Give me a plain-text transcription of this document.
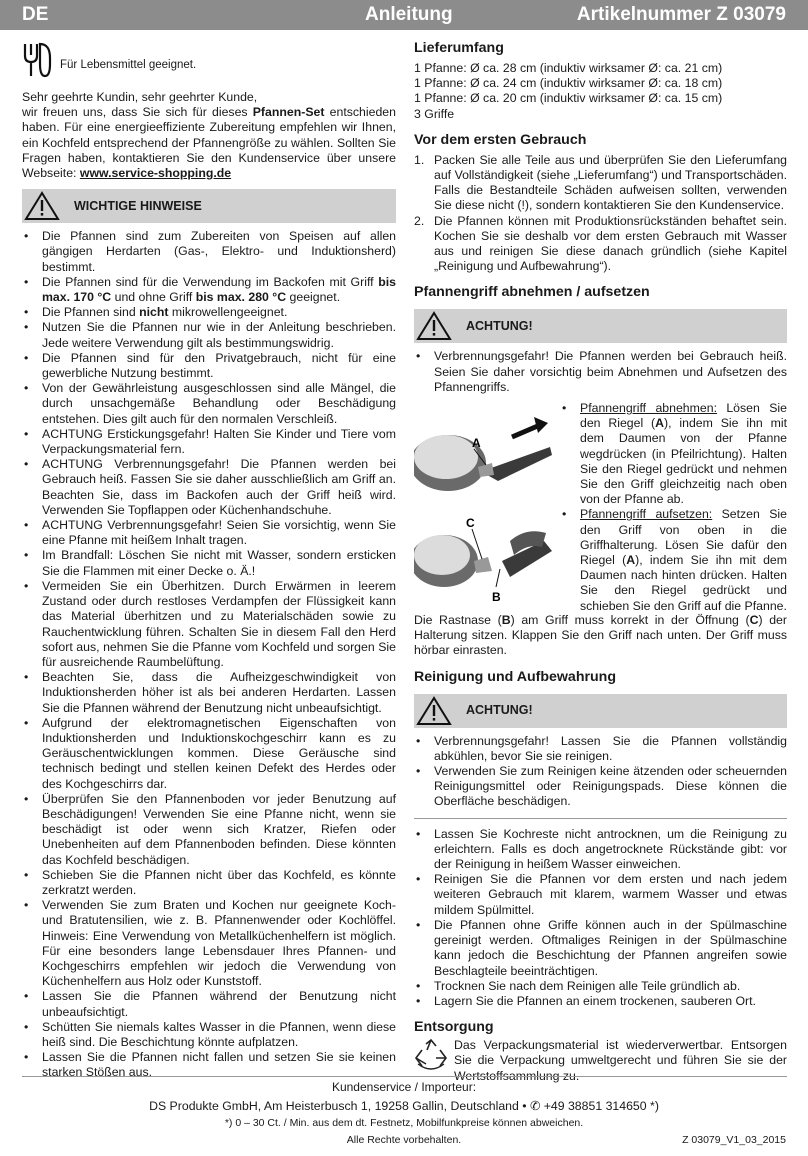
DE	Anleitung	Artikelnummer Z 03079
Für Lebensmittel geeignet.

Sehr geehrte Kundin, sehr geehrter Kunde,

wir freuen uns, dass Sie sich für dieses Pfannen-Set entschieden haben. Für eine energieeffiziente Zubereitung empfehlen wir Ihnen, ein Kochfeld entsprechend der Pfannengröße zu wählen. Sollten Sie Fragen haben, kontaktieren Sie den Kundenservice über unsere Webseite: www.service-shopping.de

WICHTIGE HINWEISE
• Die Pfannen sind zum Zubereiten von Speisen auf allen gängigen Herdarten (Gas-, Elektro- und Induktionsherd) bestimmt.
• Die Pfannen sind für die Verwendung im Backofen mit Griff bis max. 170 °C und ohne Griff bis max. 280 °C geeignet.
• Die Pfannen sind nicht mikrowellengeeignet.
• Nutzen Sie die Pfannen nur wie in der Anleitung beschrieben. Jede weitere Verwendung gilt als bestimmungswidrig.
• Die Pfannen sind für den Privatgebrauch, nicht für eine gewerbliche Nutzung bestimmt.
• Von der Gewährleistung ausgeschlossen sind alle Mängel, die durch unsachgemäße Behandlung oder Beschädigung entstehen. Dies gilt auch für den normalen Verschleiß.
• ACHTUNG Erstickungsgefahr! Halten Sie Kinder und Tiere vom Verpackungsmaterial fern.
• ACHTUNG Verbrennungsgefahr! Die Pfannen werden bei Gebrauch heiß. Fassen Sie sie daher ausschließlich am Griff an. Beachten Sie, dass im Backofen auch der Griff heiß wird. Verwenden Sie Topflappen oder Küchenhandschuhe.
• ACHTUNG Verbrennungsgefahr! Seien Sie vorsichtig, wenn Sie eine Pfanne mit heißem Inhalt tragen.
• Im Brandfall: Löschen Sie nicht mit Wasser, sondern ersticken Sie die Flammen mit einer Decke o. Ä.!
• Vermeiden Sie ein Überhitzen. Durch Erwärmen in leerem Zustand oder durch restloses Verdampfen der Flüssigkeit kann das Material überhitzen und zu Materialschäden sowie zu Rauchentwicklung führen. Schalten Sie in diesem Fall den Herd sofort aus, nehmen Sie die Pfanne vom Kochfeld und sorgen Sie für ausreichende Raumbelüftung.
• Beachten Sie, dass die Aufheizgeschwindigkeit von Induktionsherden höher ist als bei anderen Herdarten. Lassen Sie die Pfannen während der Benutzung nicht unbeaufsichtigt.
• Aufgrund der elektromagnetischen Eigenschaften von Induktionsherden und Induktionskochgeschirr kann es zu Geräuschentwicklungen kommen. Diese Geräusche sind technisch bedingt und stellen keinen Defekt des Herdes oder des Kochgeschirrs dar.
• Überprüfen Sie den Pfannenboden vor jeder Benutzung auf Beschädigungen! Verwenden Sie eine Pfanne nicht, wenn sie beschädigt ist oder wenn sich Kratzer, Riefen oder Unebenheiten auf dem Pfannenboden befinden. Diese könnten das Kochfeld beschädigen.
• Schieben Sie die Pfannen nicht über das Kochfeld, es könnte zerkratzt werden.
• Verwenden Sie zum Braten und Kochen nur geeignete Koch- und Bratutensilien, wie z. B. Pfannenwender oder Kochlöffel. Hinweis: Eine Verwendung von Metallküchenhelfern ist möglich. Für eine besonders lange Lebensdauer Ihres Pfannen- und Kochgeschirrs empfehlen wir jedoch die Verwendung von Küchenhelfern aus Holz oder Kunststoff.
• Lassen Sie die Pfannen während der Benutzung nicht unbeaufsichtigt.
• Schütten Sie niemals kaltes Wasser in die Pfannen, wenn diese heiß sind. Die Beschichtung könnte aufplatzen.
• Lassen Sie die Pfannen nicht fallen und setzen Sie sie keinen starken Stößen aus.
Lieferumfang

1 Pfanne: Ø ca. 28 cm (induktiv wirksamer Ø: ca. 21 cm)

1 Pfanne: Ø ca. 24 cm (induktiv wirksamer Ø: ca. 18 cm)

1 Pfanne: Ø ca. 20 cm (induktiv wirksamer Ø: ca. 15 cm)

3 Griffe

Vor dem ersten Gebrauch
1. Packen Sie alle Teile aus und überprüfen Sie den Lieferumfang auf Vollständigkeit (siehe „Lieferumfang“) und Transportschäden. Falls die Bestandteile Schäden aufweisen sollten, verwenden Sie diese nicht (!), sondern kontaktieren Sie den Kundenservice.
2. Die Pfannen können mit Produktionsrückständen behaftet sein. Kochen Sie sie deshalb vor dem ersten Gebrauch mit Wasser aus und reinigen Sie diese danach gründlich (siehe Kapitel „Reinigung und Aufbewahrung“).
Pfannengriff abnehmen / aufsetzen
ACHTUNG!
• Verbrennungsgefahr! Die Pfannen werden bei Gebrauch heiß. Seien Sie daher vorsichtig beim Abnehmen und Aufsetzen des Pfannengriffs.
A
C
B
• Pfannengriff abnehmen: Lösen Sie den Riegel (A), indem Sie ihn mit dem Daumen von der Pfanne wegdrücken (in Pfeilrichtung). Halten Sie den Riegel gedrückt und nehmen Sie den Griff gleichzeitig nach oben von der Pfanne ab.
• Pfannengriff aufsetzen: Setzen Sie den Griff von oben in die Griffhalterung. Lösen Sie dafür den Riegel (A), indem Sie ihn mit dem Daumen nach hinten drücken. Halten Sie den Riegel gedrückt und schieben Sie den Griff auf die Pfanne.

Die Rastnase (B) am Griff muss korrekt in der Öffnung (C) der Halterung sitzen. Klappen Sie den Griff nach unten. Der Griff muss hörbar einrasten.

Reinigung und Aufbewahrung
ACHTUNG!
• Verbrennungsgefahr! Lassen Sie die Pfannen vollständig abkühlen, bevor Sie sie reinigen.
• Verwenden Sie zum Reinigen keine ätzenden oder scheuernden Reinigungsmittel oder Reinigungspads. Diese können die Oberfläche beschädigen.
• Lassen Sie Kochreste nicht antrocknen, um die Reinigung zu erleichtern. Falls es doch angetrocknete Rückstände gibt: vor der Reinigung in heißem Wasser einweichen.
• Reinigen Sie die Pfannen vor dem ersten und nach jedem weiteren Gebrauch mit klarem, warmem Wasser und etwas mildem Spülmittel.
• Die Pfannen ohne Griffe können auch in der Spülmaschine gereinigt werden. Oftmaliges Reinigen in der Spülmaschine kann jedoch die Beschichtung der Pfannen angreifen sowie Beschlagteile beeinträchtigen.
• Trocknen Sie nach dem Reinigen alle Teile gründlich ab.
• Lagern Sie die Pfannen an einem trockenen, sauberen Ort.
Entsorgung

Das Verpackungsmaterial ist wiederverwertbar. Entsorgen Sie die Verpackung umweltgerecht und führen Sie sie der Wertstoffsammlung zu.

Kundenservice / Importeur:
DS Produkte GmbH, Am Heisterbusch 1, 19258 Gallin, Deutschland • ✆ +49 38851 314650 *)
*) 0 – 30 Ct. / Min. aus dem dt. Festnetz, Mobilfunkpreise können abweichen.
Alle Rechte vorbehalten.	Z 03079_V1_03_2015
